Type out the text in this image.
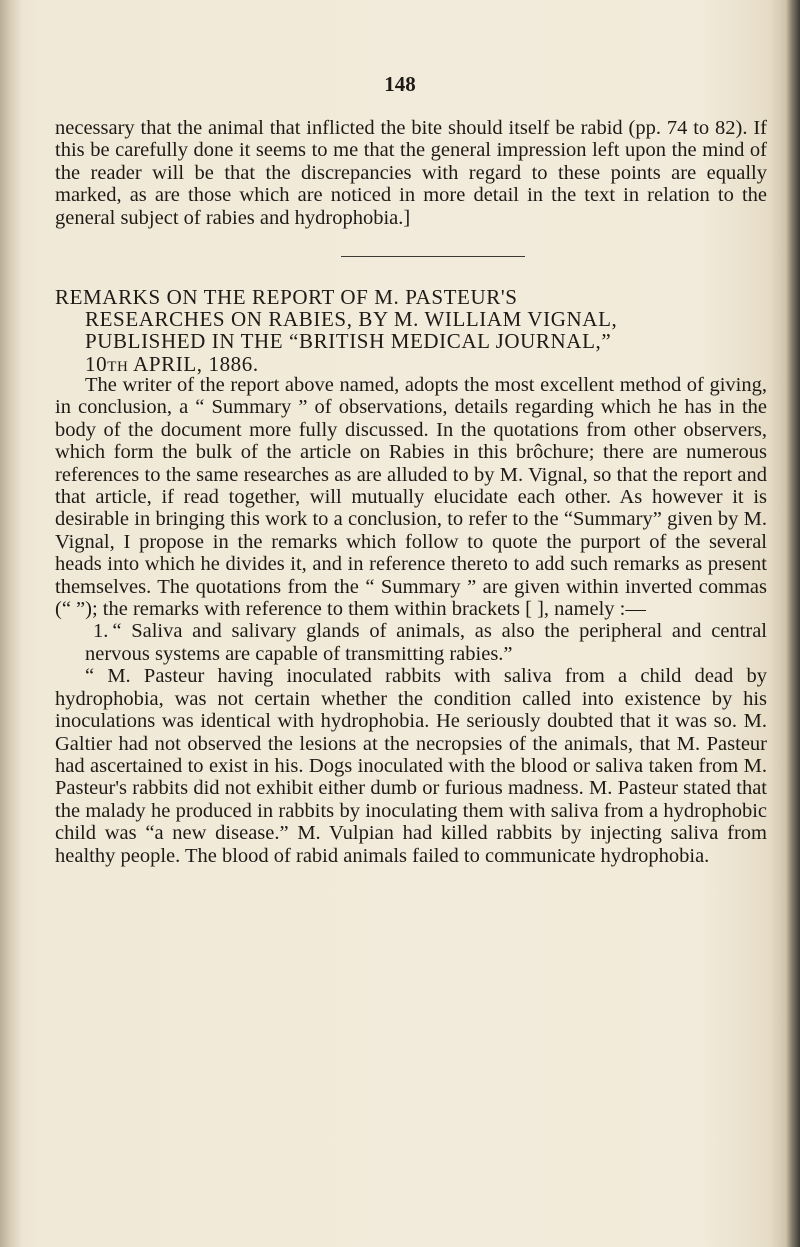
148

necessary that the animal that inflicted the bite should itself be rabid (pp. 74 to 82). If this be carefully done it seems to me that the general impression left upon the mind of the reader will be that the discrepancies with regard to these points are equally marked, as are those which are noticed in more detail in the text in relation to the general subject of rabies and hydrophobia.]

REMARKS ON THE REPORT OF M. PASTEUR'S
RESEARCHES ON RABIES, BY M. WILLIAM VIGNAL,
PUBLISHED IN THE “BRITISH MEDICAL JOURNAL,”
10th APRIL, 1886.

The writer of the report above named, adopts the most excellent method of giving, in conclusion, a “ Summary ” of observations, details regarding which he has in the body of the document more fully discussed. In the quotations from other observers, which form the bulk of the article on Rabies in this brôchure; there are numerous references to the same researches as are alluded to by M. Vignal, so that the report and that article, if read together, will mutually elucidate each other. As however it is desirable in bringing this work to a conclusion, to refer to the “Summary” given by M. Vignal, I propose in the remarks which follow to quote the purport of the several heads into which he divides it, and in reference thereto to add such remarks as present themselves. The quotations from the “ Summary ” are given within inverted commas (“ ”); the remarks with reference to them within brackets [ ], namely :—

1. “ Saliva and salivary glands of animals, as also the peripheral and central nervous systems are capable of transmitting rabies.”

“ M. Pasteur having inoculated rabbits with saliva from a child dead by hydrophobia, was not certain whether the condition called into existence by his inoculations was identical with hydrophobia. He seriously doubted that it was so. M. Galtier had not observed the lesions at the necropsies of the animals, that M. Pasteur had ascertained to exist in his. Dogs inoculated with the blood or saliva taken from M. Pasteur's rabbits did not exhibit either dumb or furious madness. M. Pasteur stated that the malady he produced in rabbits by inoculating them with saliva from a hydrophobic child was “a new disease.” M. Vulpian had killed rabbits by injecting saliva from healthy people. The blood of rabid animals failed to communicate hydrophobia.
